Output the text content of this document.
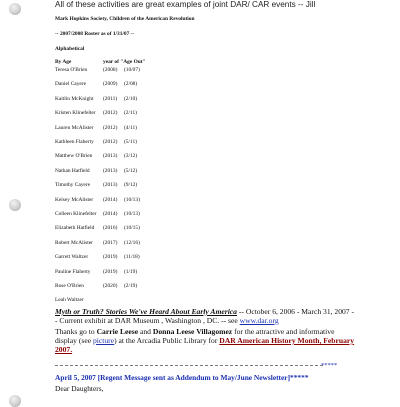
All of these activities are great examples of joint DAR/ CAR events -- Jill
Mark Hopkins Society, Children of the American Revolution
-- 2007/2008 Roster as of 1/31/07 --
Alphabetical
By Age	year of "Age Out"
Teresa O'Brien	(2008) (10/07)
Daniel Cayere	(2009) (2/08)
Kaitlin McKnight (2011) (2/10)
Kristen Klinefelter (2012) (2/11)
Lauren McAlister (2012) (4/11)
Kathleen Flaherty (2012) (5/11)
Matthew O'Brien (2013) (3/12)
Nathan Hatfield (2013) (5/12)
Timothy Cayere (2013) (9/12)
Kelsey McAlister (2014) (10/13)
Colleen Klinefelter (2014) (10/13)
Elizabeth Hatfield (2016) (10/15)
Robert McAlister (2017) (12/16)
Garrett Waltzer	(2019) (11/18)
Pauline Flaherty (2019) (1/19)
Rose O'Brien	(2020) (2/19)
Leah Waltzer
Myth or Truth? Stories We've Heard About Early America -- October 6, 2006 - March 31, 2007 -- Current exhibit at DAR Museum , Washington , DC. -- see www.dar.org
Thanks go to Carrie Leese and Donna Leese Villagomez for the attractive and informative display (see picture) at the Arcadia Public Library for DAR American History Month, February 2007.
*****
April 5, 2007 [Regent Message sent as Addendum to May/June Newsletter]*****
Dear Daughters,
